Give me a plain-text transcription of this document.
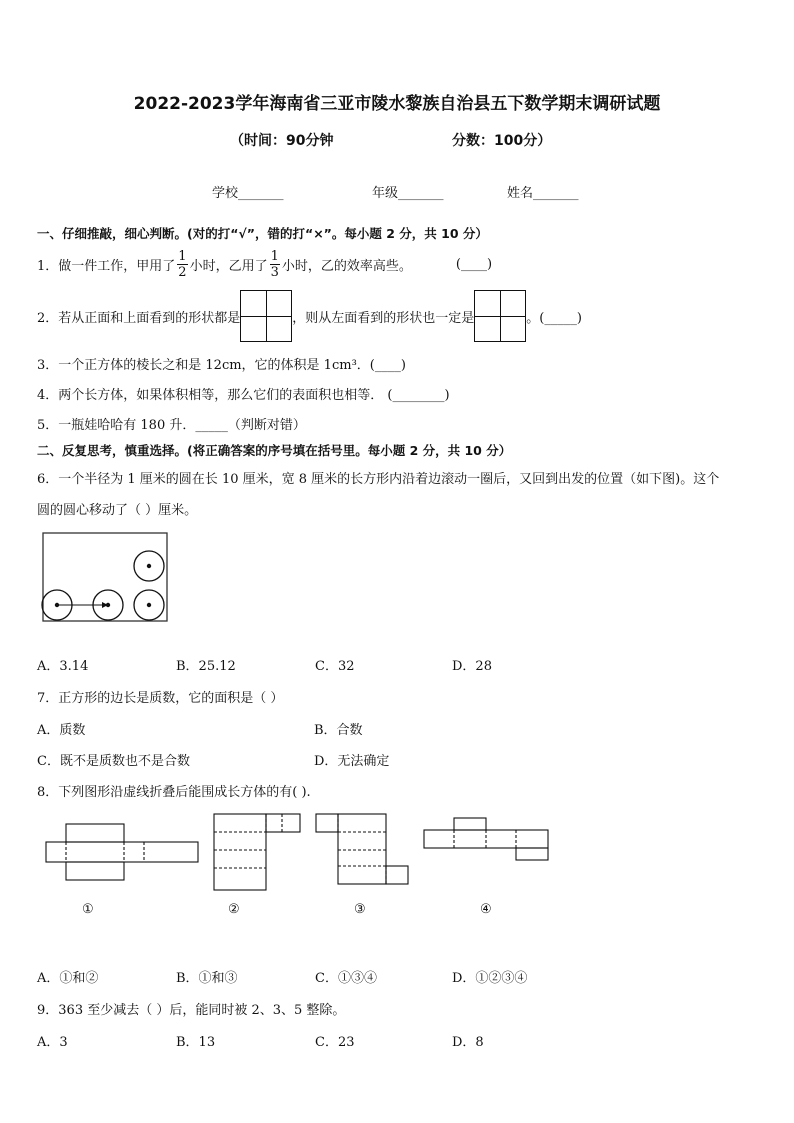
2022-2023学年海南省三亚市陵水黎族自治县五下数学期末调研试题
（时间：90分钟	分数：100分）
学校_______	年级_______	姓名_______
一、仔细推敲，细心判断。(对的打“√”，错的打“×”。每小题 2 分，共 10 分）
1．做一件工作，甲用了 $\frac{1}{2}$ 小时，乙用了 $\frac{1}{3}$ 小时，乙的效率高些。	(____)
2．若从正面和上面看到的形状都是	，则从左面看到的形状也一定是	。(_____)
3．一个正方体的棱长之和是 12cm，它的体积是 1cm³．(____)
4．两个长方体，如果体积相等，那么它们的表面积也相等． (________)
5．一瓶娃哈哈有 180 升．_____（判断对错）
二、反复思考，慎重选择。(将正确答案的序号填在括号里。每小题 2 分，共 10 分）
6．一个半径为 1 厘米的圆在长 10 厘米，宽 8 厘米的长方形内沿着边滚动一圈后，又回到出发的位置（如下图)。这个
圆的圆心移动了（ ）厘米。
A．3.14	B．25.12	C．32	D．28
7．正方形的边长是质数，它的面积是（ ）
A．质数	B．合数
C．既不是质数也不是合数	D．无法确定
8．下列图形沿虚线折叠后能围成长方体的有( ).
①	②	③	④
A．①和②	B．①和③	C．①③④	D．①②③④
9．363 至少减去（ ）后，能同时被 2、3、5 整除。
A．3	B．13	C．23	D．8
